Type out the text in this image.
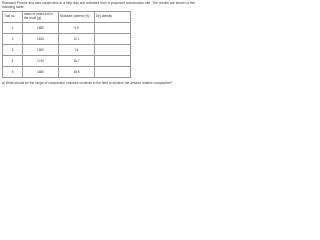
Standard Proctor test was conducted on a silty clay soil collected from a proposed construction site. The results are shown in the following table.
Trial no.	mass of moist soil in the mold (g)	Moisture content (%)	Dry density
1	1680	9.9	
2	1810	12.1	
3	1900	14	
4	1740	16.7	
5	1680	18.6	
a) What should be the range of compaction moisture contents in the field to achieve the desired relative compaction?
